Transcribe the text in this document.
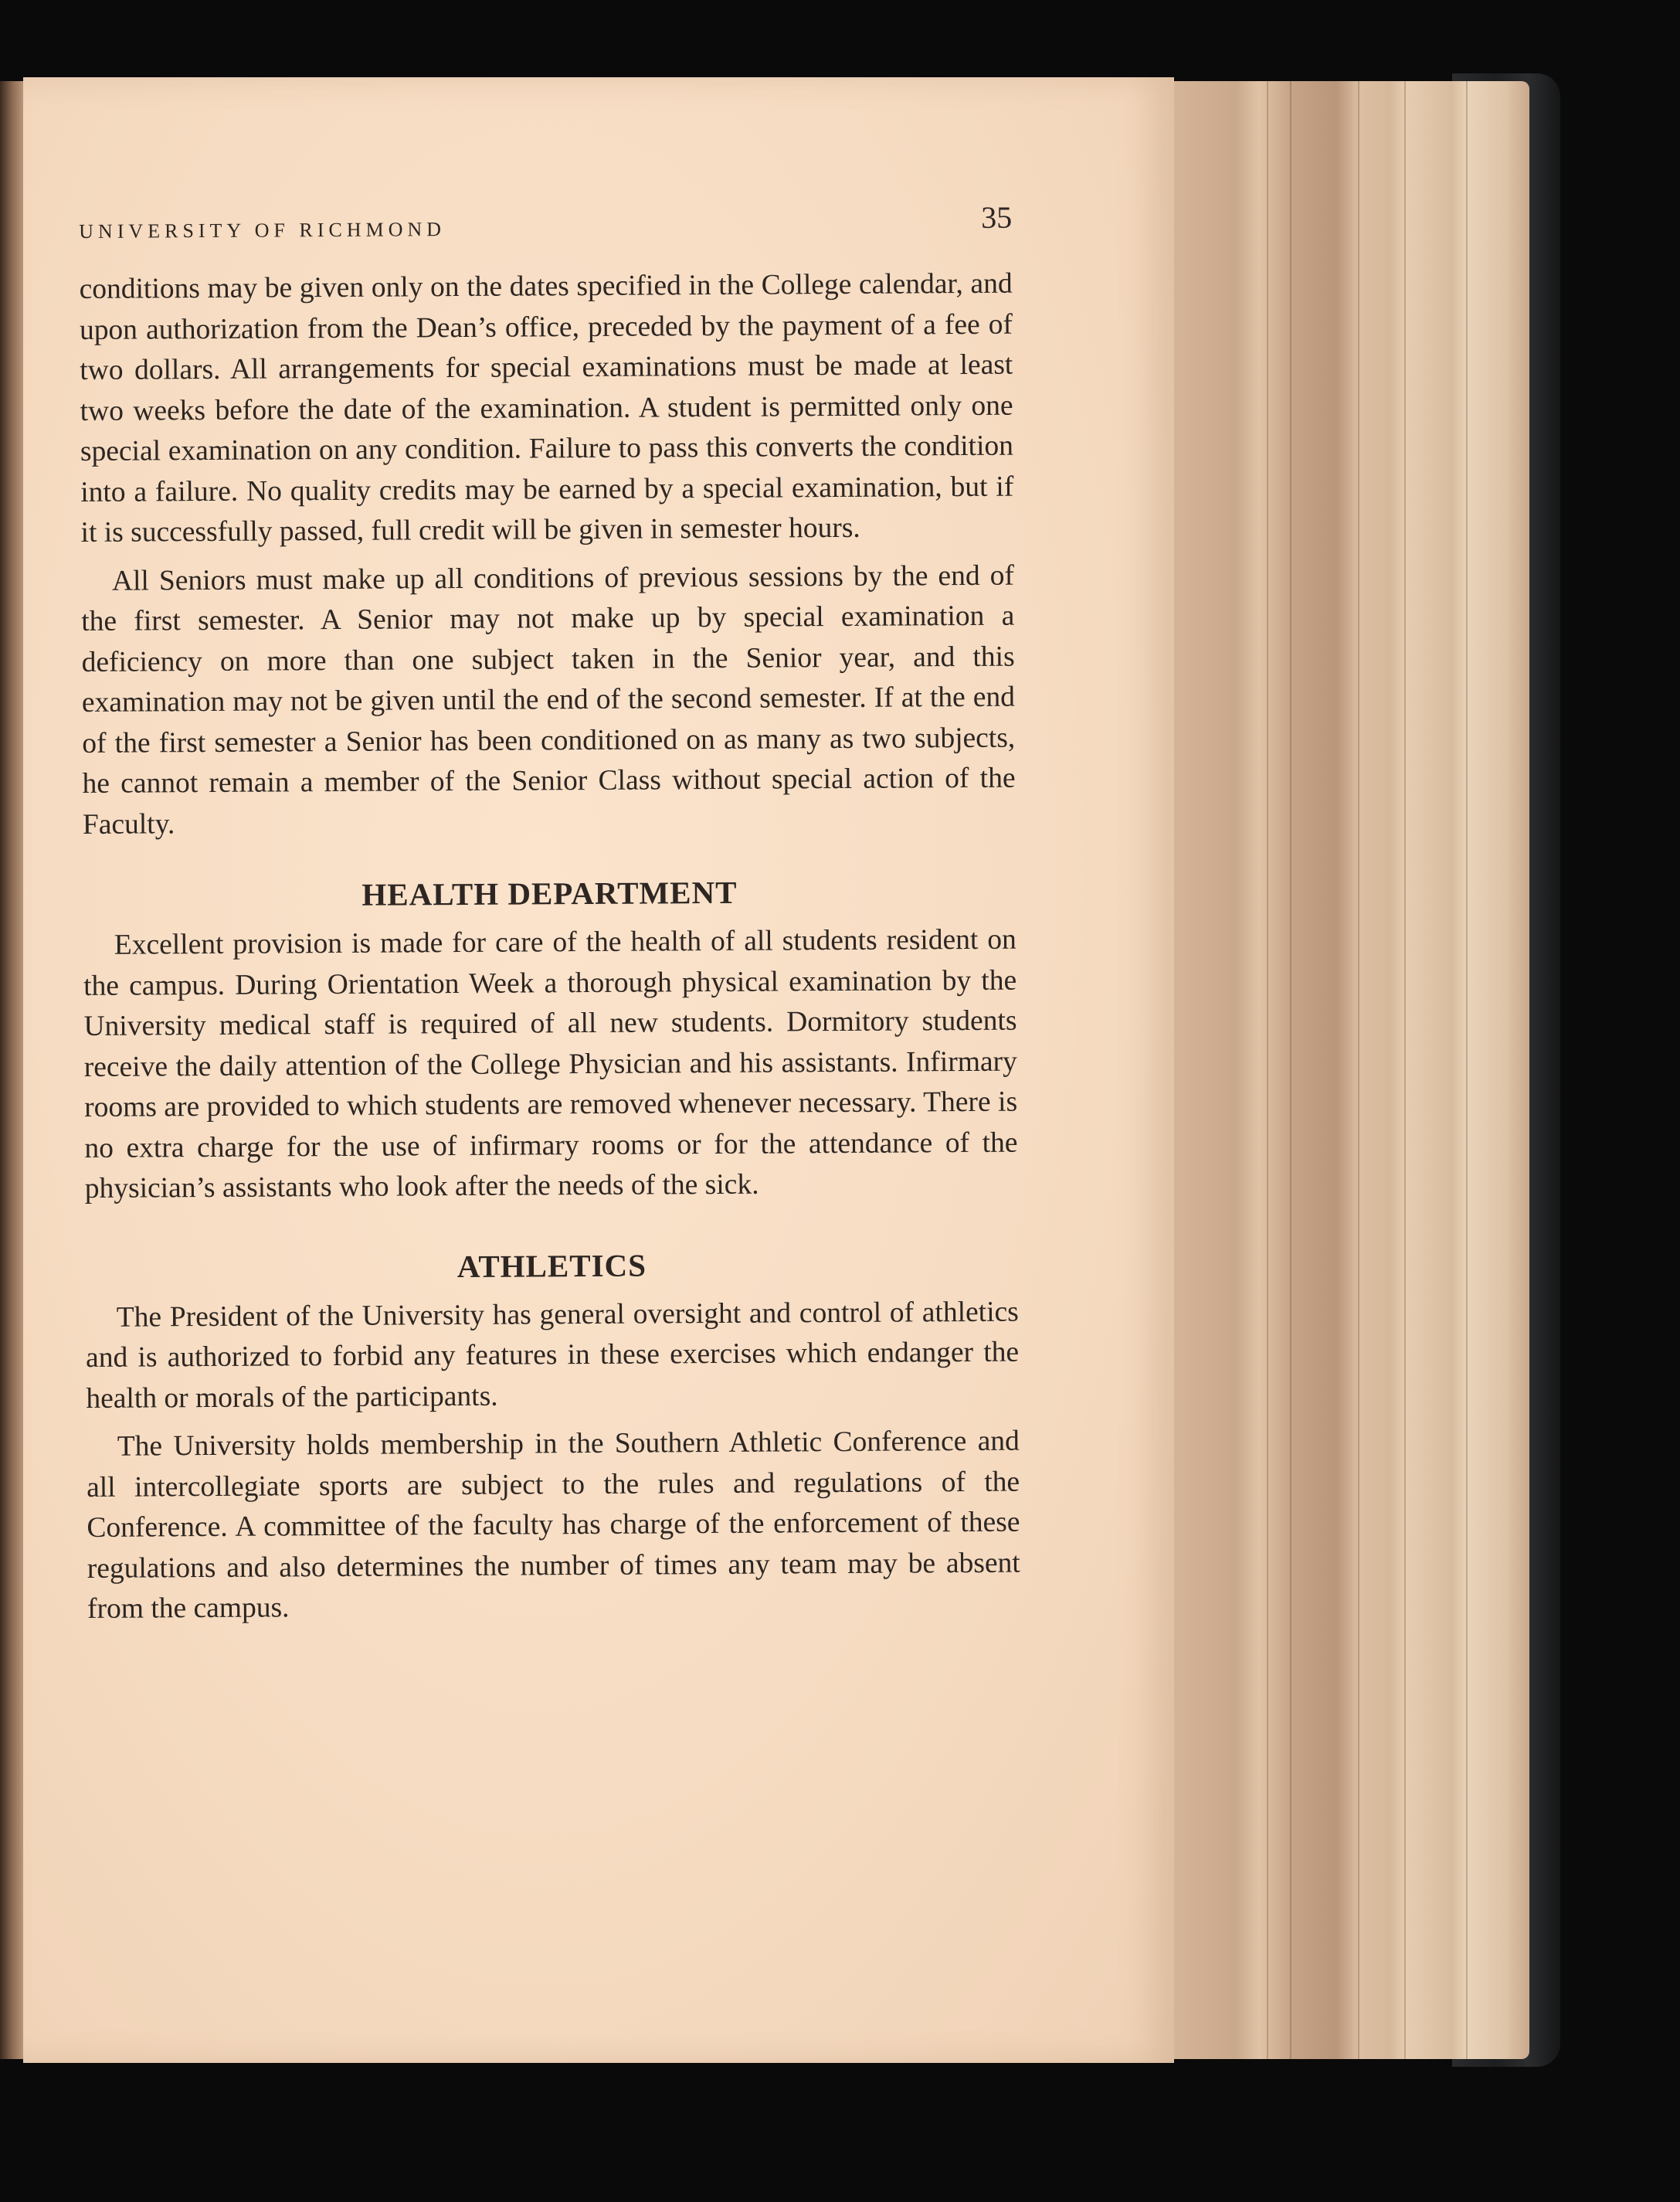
UNIVERSITY OF RICHMOND	35

conditions may be given only on the dates specified in the College calendar, and upon authorization from the Dean’s office, preceded by the payment of a fee of two dollars. All arrangements for special examinations must be made at least two weeks before the date of the examination. A student is permitted only one special examination on any condition. Failure to pass this converts the condition into a failure. No quality credits may be earned by a special examination, but if it is successfully passed, full credit will be given in semester hours.

All Seniors must make up all conditions of previous sessions by the end of the first semester. A Senior may not make up by special examination a deficiency on more than one subject taken in the Senior year, and this examination may not be given until the end of the second semester. If at the end of the first semester a Senior has been conditioned on as many as two subjects, he cannot remain a member of the Senior Class without special action of the Faculty.

HEALTH DEPARTMENT

Excellent provision is made for care of the health of all students resident on the campus. During Orientation Week a thorough physical examination by the University medical staff is required of all new students. Dormitory students receive the daily attention of the College Physician and his assistants. Infirmary rooms are provided to which students are removed whenever necessary. There is no extra charge for the use of infirmary rooms or for the attendance of the physician’s assistants who look after the needs of the sick.

ATHLETICS

The President of the University has general oversight and control of athletics and is authorized to forbid any features in these exercises which endanger the health or morals of the participants.

The University holds membership in the Southern Athletic Conference and all intercollegiate sports are subject to the rules and regulations of the Conference. A committee of the faculty has charge of the enforcement of these regulations and also determines the number of times any team may be absent from the campus.
